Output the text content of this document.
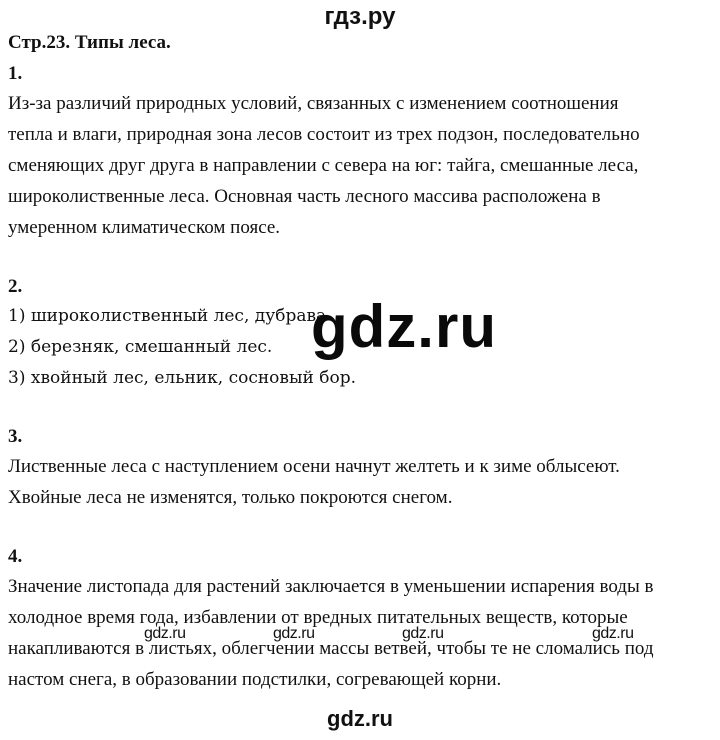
гдз.ру
Стр.23. Типы леса.
1.
Из-за различий природных условий, связанных с изменением соотношения
тепла и влаги, природная зона лесов состоит из трех подзон, последовательно
сменяющих друг друга в направлении с севера на юг: тайга, смешанные леса,
широколиственные леса. Основная часть лесного массива расположена в
умеренном климатическом поясе.
2.
1) широколиственный лес, дубрава
2) березняк, смешанный лес.
3) хвойный лес, ельник, сосновый бор.
3.
Лиственные леса с наступлением осени начнут желтеть и к зиме облысеют.
Хвойные леса не изменятся, только покроются снегом.
4.
Значение листопада для растений заключается в уменьшении испарения воды в
холодное время года, избавлении от вредных питательных веществ, которые
накапливаются в листьях, облегчении массы ветвей, чтобы те не сломались под
настом снега, в образовании подстилки, согревающей корни.
gdz.ru
gdz.ru	gdz.ru	gdz.ru	gdz.ru
gdz.ru
